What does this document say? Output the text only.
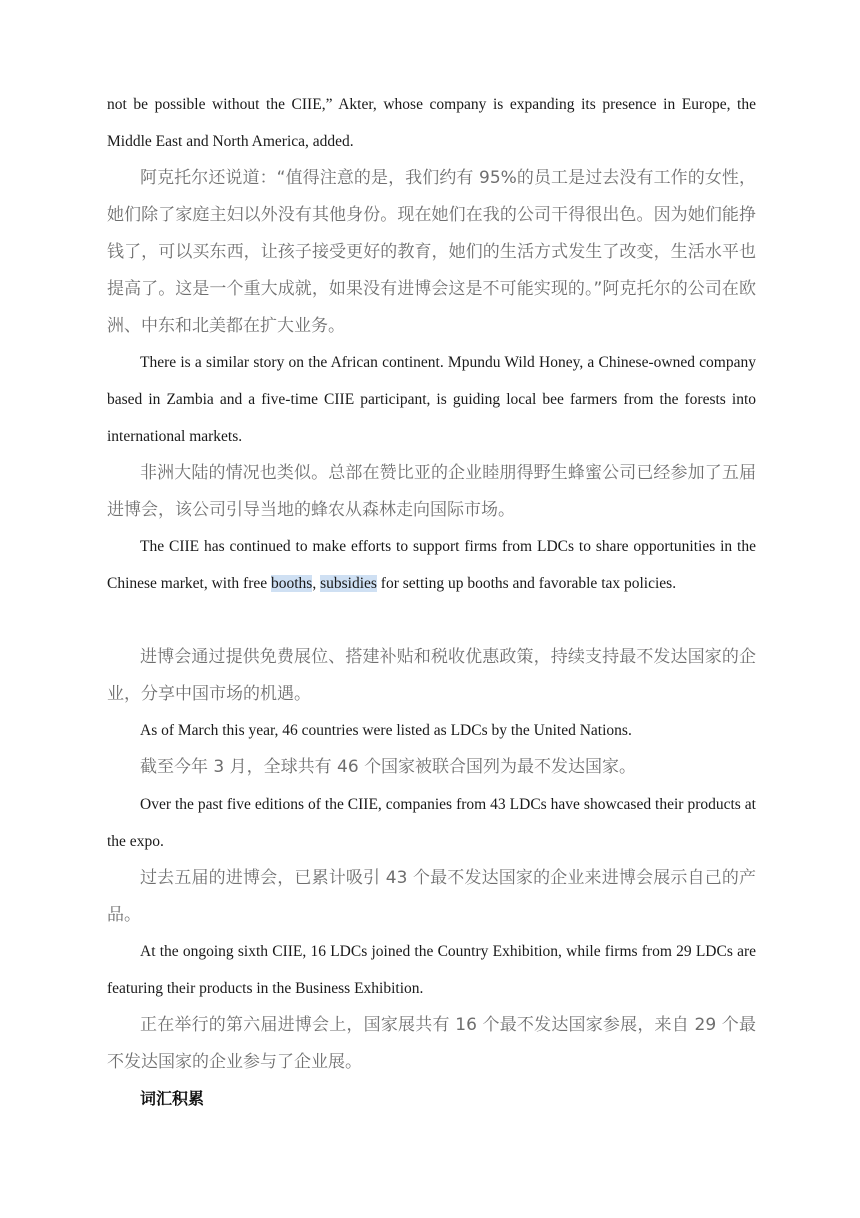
not be possible without the CIIE,” Akter, whose company is expanding its presence in Europe, the Middle East and North America, added.

阿克托尔还说道：“值得注意的是，我们约有 95%的员工是过去没有工作的女性，她们除了家庭主妇以外没有其他身份。现在她们在我的公司干得很出色。因为她们能挣钱了，可以买东西，让孩子接受更好的教育，她们的生活方式发生了改变，生活水平也提高了。这是一个重大成就，如果没有进博会这是不可能实现的。”阿克托尔的公司在欧洲、中东和北美都在扩大业务。

There is a similar story on the African continent. Mpundu Wild Honey, a Chinese-owned company based in Zambia and a five-time CIIE participant, is guiding local bee farmers from the forests into international markets.

非洲大陆的情况也类似。总部在赞比亚的企业睦朋得野生蜂蜜公司已经参加了五届进博会，该公司引导当地的蜂农从森林走向国际市场。

The CIIE has continued to make efforts to support firms from LDCs to share opportunities in the Chinese market, with free booths, subsidies for setting up booths and favorable tax policies.

进博会通过提供免费展位、搭建补贴和税收优惠政策，持续支持最不发达国家的企业，分享中国市场的机遇。

As of March this year, 46 countries were listed as LDCs by the United Nations.

截至今年 3 月，全球共有 46 个国家被联合国列为最不发达国家。

Over the past five editions of the CIIE, companies from 43 LDCs have showcased their products at the expo.

过去五届的进博会，已累计吸引 43 个最不发达国家的企业来进博会展示自己的产品。

At the ongoing sixth CIIE, 16 LDCs joined the Country Exhibition, while firms from 29 LDCs are featuring their products in the Business Exhibition.

正在举行的第六届进博会上，国家展共有 16 个最不发达国家参展，来自 29 个最不发达国家的企业参与了企业展。

词汇积累
